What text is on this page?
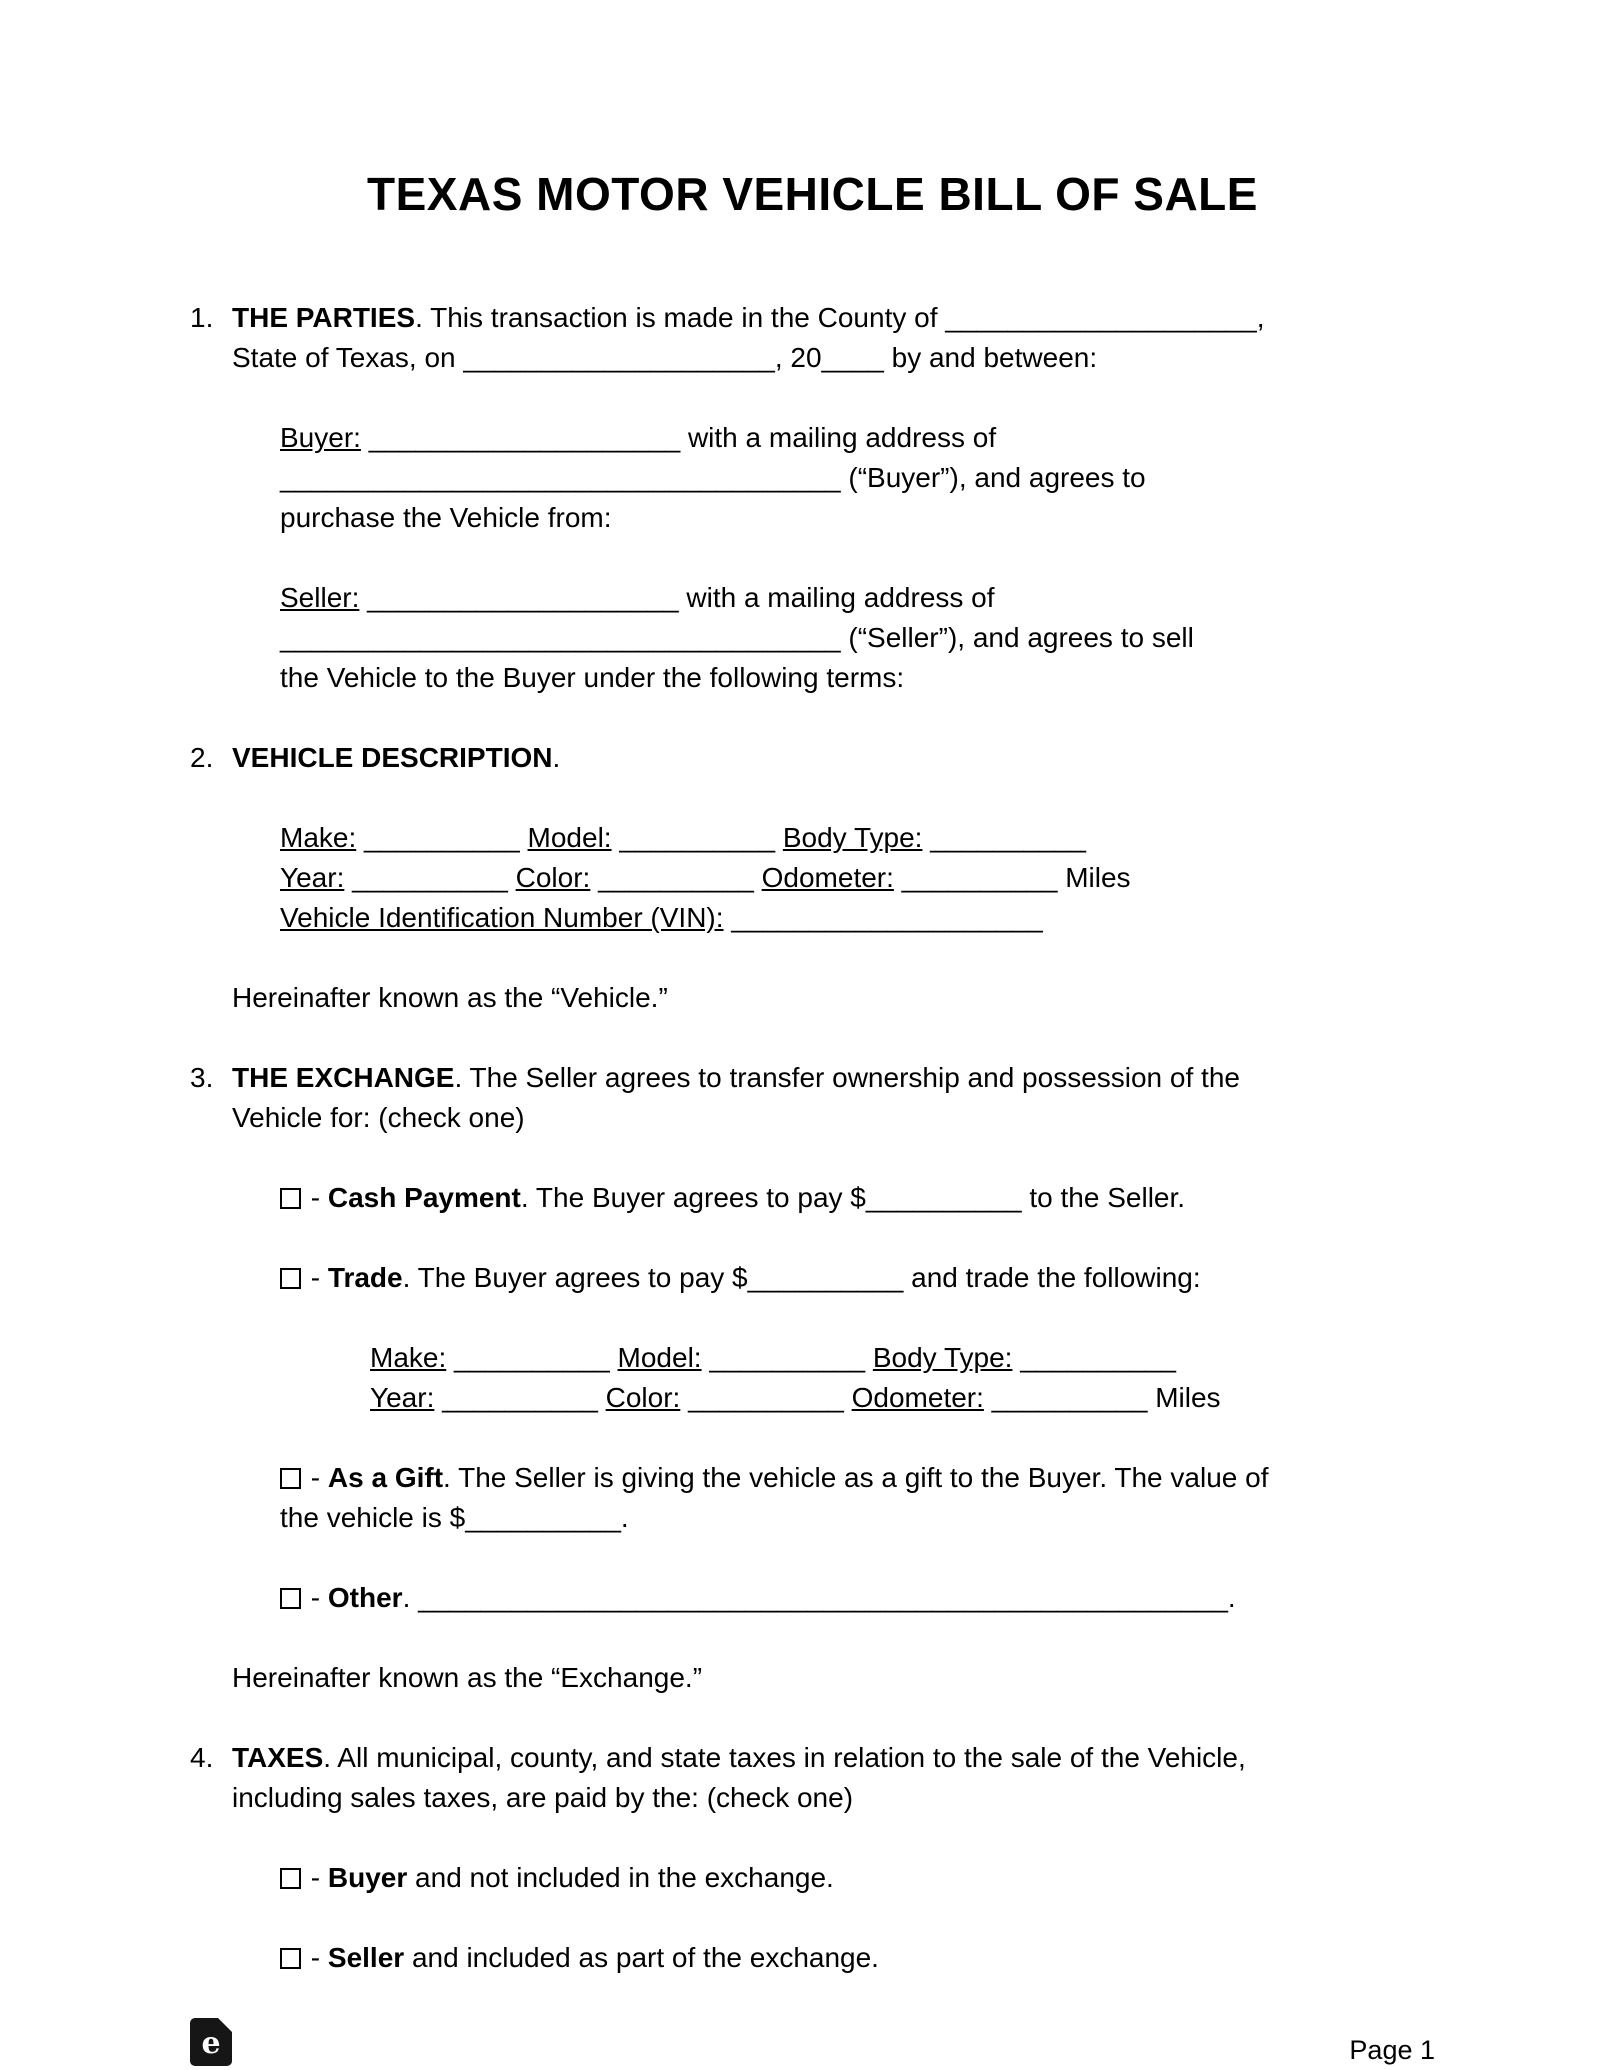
TEXAS MOTOR VEHICLE BILL OF SALE
1. THE PARTIES. This transaction is made in the County of ____________________,
State of Texas, on ____________________, 20____ by and between:
Buyer: ____________________ with a mailing address of
____________________________________ (“Buyer”), and agrees to
purchase the Vehicle from:
Seller: ____________________ with a mailing address of
____________________________________ (“Seller”), and agrees to sell
the Vehicle to the Buyer under the following terms:
2. VEHICLE DESCRIPTION.
Make: __________ Model: __________ Body Type: __________
Year: __________ Color: __________ Odometer: __________ Miles
Vehicle Identification Number (VIN): ____________________
Hereinafter known as the “Vehicle.”
3. THE EXCHANGE. The Seller agrees to transfer ownership and possession of the
Vehicle for: (check one)
- Cash Payment. The Buyer agrees to pay $__________ to the Seller.
- Trade. The Buyer agrees to pay $__________ and trade the following:
Make: __________ Model: __________ Body Type: __________
Year: __________ Color: __________ Odometer: __________ Miles
- As a Gift. The Seller is giving the vehicle as a gift to the Buyer. The value of
the vehicle is $__________.
- Other. ____________________________________________________.
Hereinafter known as the “Exchange.”
4. TAXES. All municipal, county, and state taxes in relation to the sale of the Vehicle,
including sales taxes, are paid by the: (check one)
- Buyer and not included in the exchange.
- Seller and included as part of the exchange.
e	Page 1
